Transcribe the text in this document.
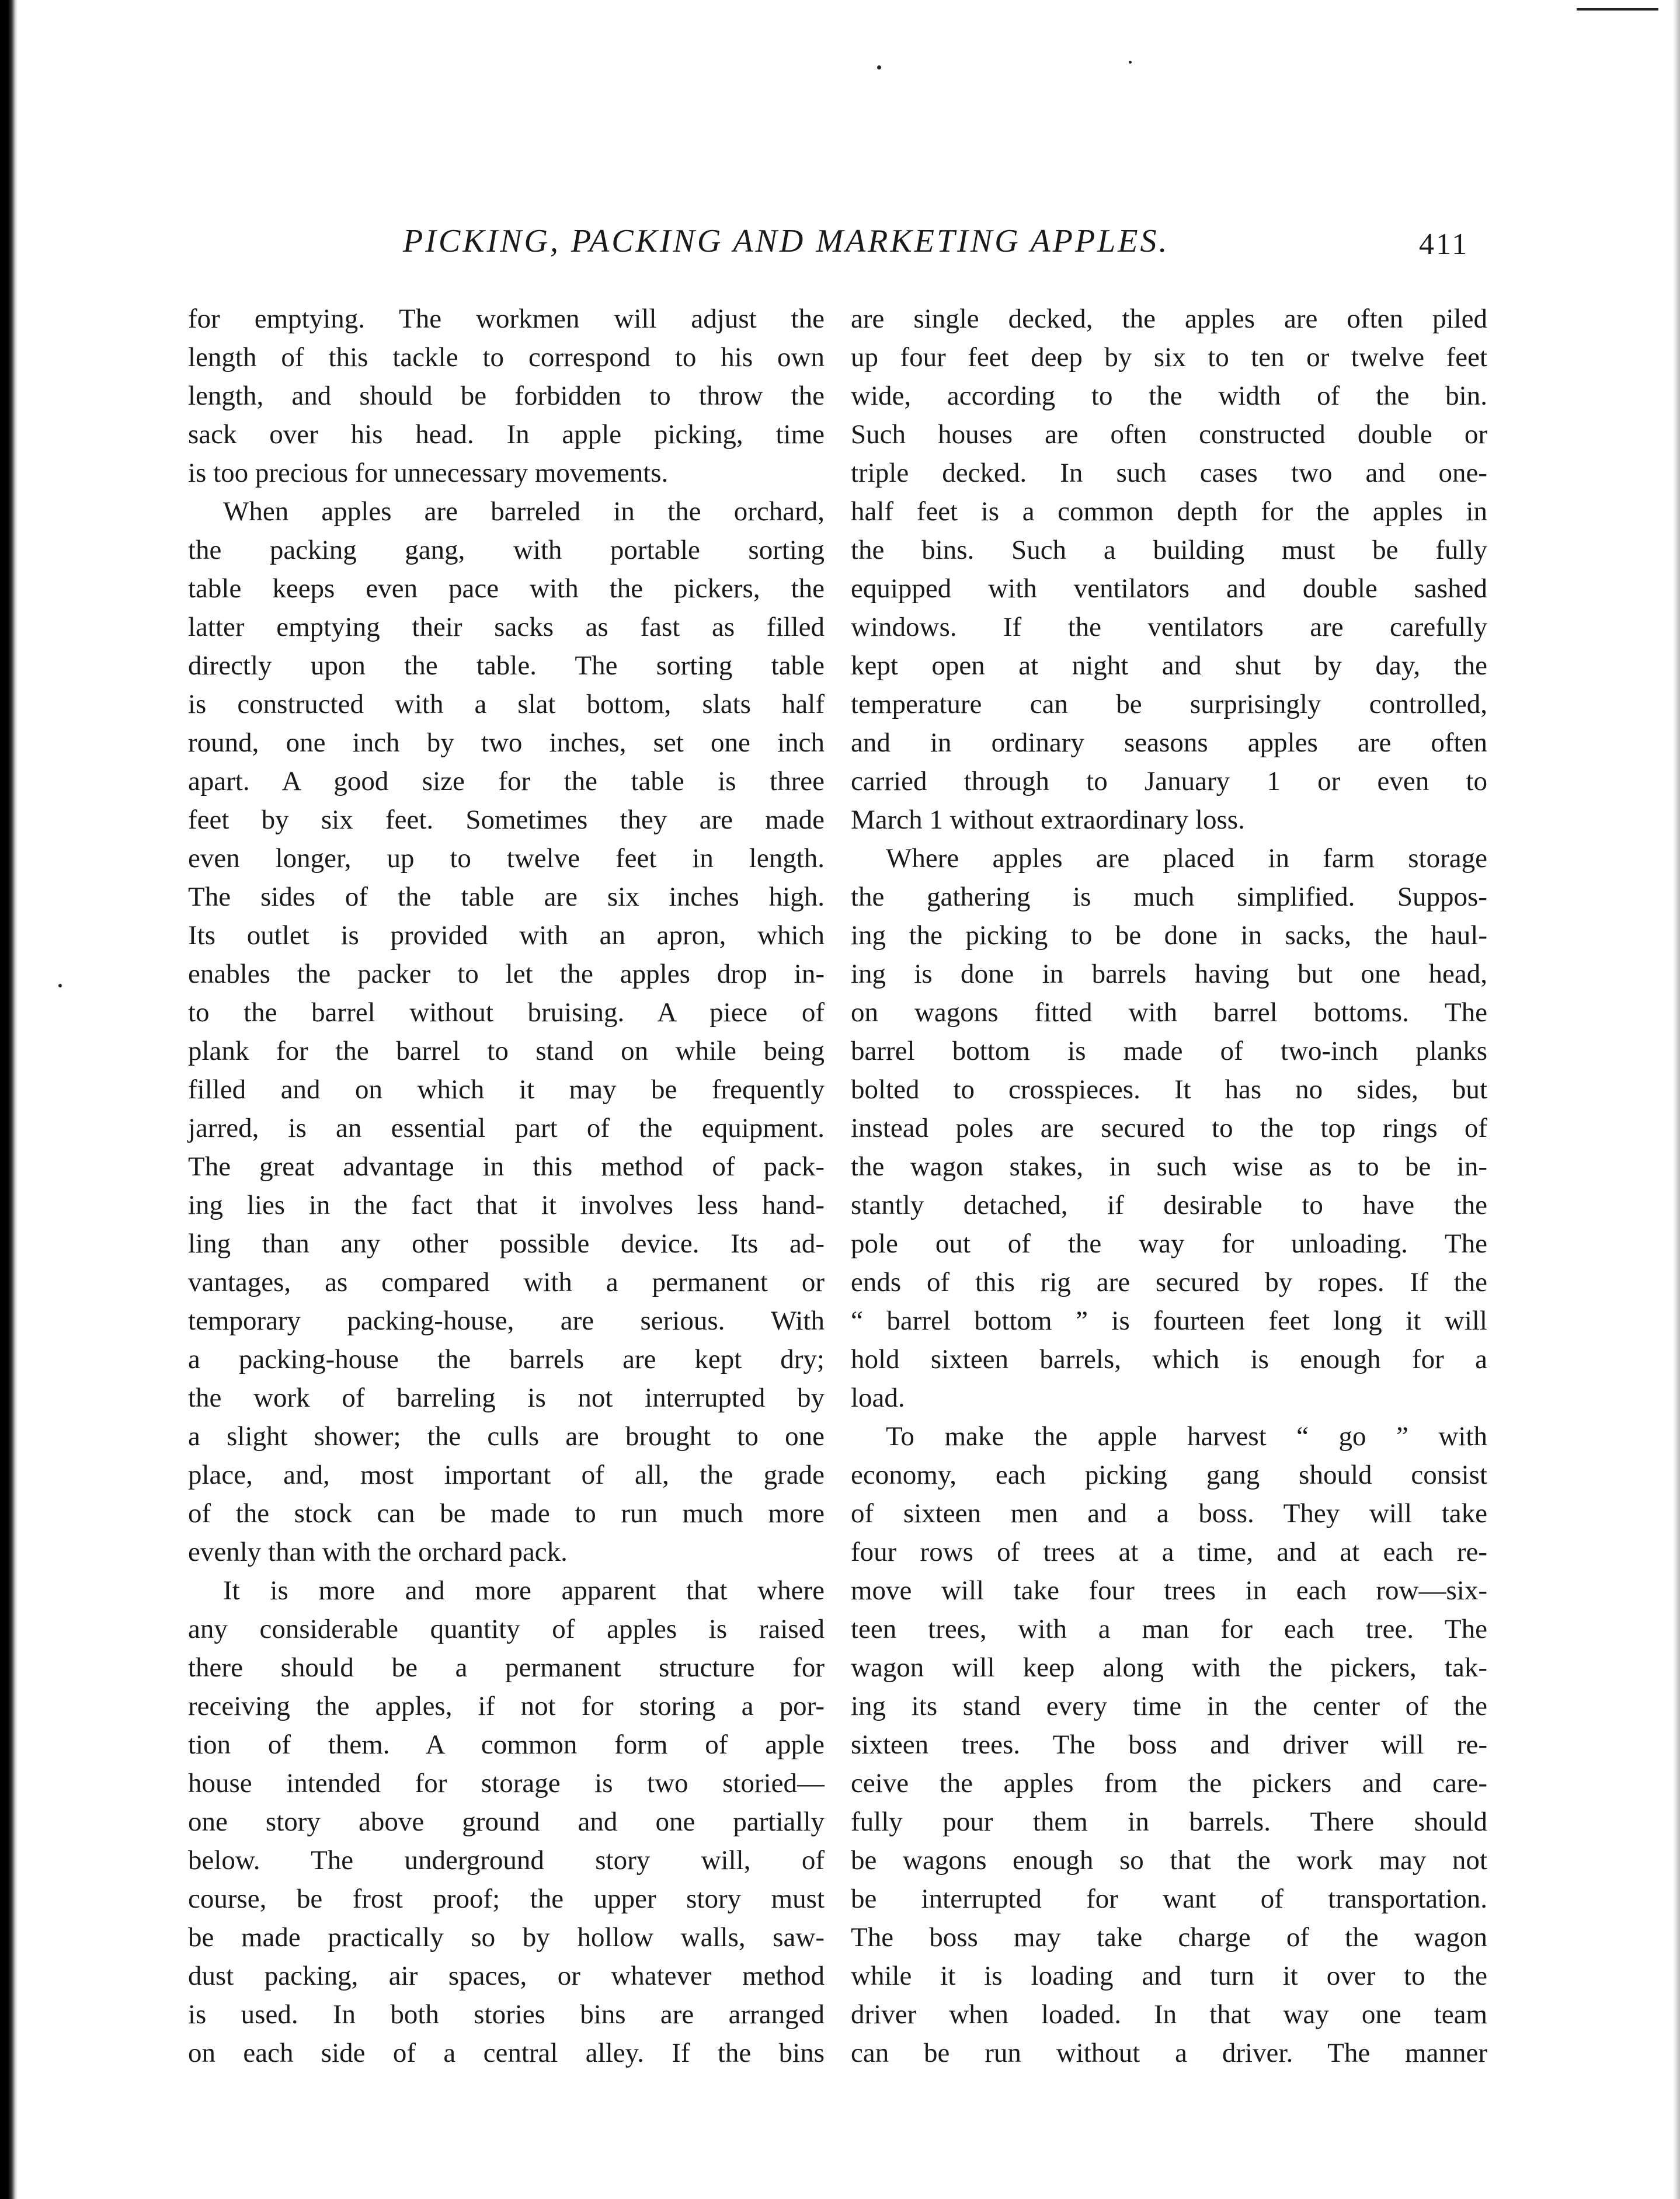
PICKING, PACKING AND MARKETING APPLES.	411
for emptying. The workmen will adjust the
length of this tackle to correspond to his own
length, and should be forbidden to throw the
sack over his head. In apple picking, time
is too precious for unnecessary movements.
When apples are barreled in the orchard,
the packing gang, with portable sorting
table keeps even pace with the pickers, the
latter emptying their sacks as fast as filled
directly upon the table. The sorting table
is constructed with a slat bottom, slats half
round, one inch by two inches, set one inch
apart. A good size for the table is three
feet by six feet. Sometimes they are made
even longer, up to twelve feet in length.
The sides of the table are six inches high.
Its outlet is provided with an apron, which
enables the packer to let the apples drop in-
to the barrel without bruising. A piece of
plank for the barrel to stand on while being
filled and on which it may be frequently
jarred, is an essential part of the equipment.
The great advantage in this method of pack-
ing lies in the fact that it involves less hand-
ling than any other possible device. Its ad-
vantages, as compared with a permanent or
temporary packing-house, are serious. With
a packing-house the barrels are kept dry;
the work of barreling is not interrupted by
a slight shower; the culls are brought to one
place, and, most important of all, the grade
of the stock can be made to run much more
evenly than with the orchard pack.
It is more and more apparent that where
any considerable quantity of apples is raised
there should be a permanent structure for
receiving the apples, if not for storing a por-
tion of them. A common form of apple
house intended for storage is two storied—
one story above ground and one partially
below. The underground story will, of
course, be frost proof; the upper story must
be made practically so by hollow walls, saw-
dust packing, air spaces, or whatever method
is used. In both stories bins are arranged
on each side of a central alley. If the bins
are single decked, the apples are often piled
up four feet deep by six to ten or twelve feet
wide, according to the width of the bin.
Such houses are often constructed double or
triple decked. In such cases two and one-
half feet is a common depth for the apples in
the bins. Such a building must be fully
equipped with ventilators and double sashed
windows. If the ventilators are carefully
kept open at night and shut by day, the
temperature can be surprisingly controlled,
and in ordinary seasons apples are often
carried through to January 1 or even to
March 1 without extraordinary loss.
Where apples are placed in farm storage
the gathering is much simplified. Suppos-
ing the picking to be done in sacks, the haul-
ing is done in barrels having but one head,
on wagons fitted with barrel bottoms. The
barrel bottom is made of two-inch planks
bolted to crosspieces. It has no sides, but
instead poles are secured to the top rings of
the wagon stakes, in such wise as to be in-
stantly detached, if desirable to have the
pole out of the way for unloading. The
ends of this rig are secured by ropes. If the
“ barrel bottom ” is fourteen feet long it will
hold sixteen barrels, which is enough for a
load.
To make the apple harvest “ go ” with
economy, each picking gang should consist
of sixteen men and a boss. They will take
four rows of trees at a time, and at each re-
move will take four trees in each row—six-
teen trees, with a man for each tree. The
wagon will keep along with the pickers, tak-
ing its stand every time in the center of the
sixteen trees. The boss and driver will re-
ceive the apples from the pickers and care-
fully pour them in barrels. There should
be wagons enough so that the work may not
be interrupted for want of transportation.
The boss may take charge of the wagon
while it is loading and turn it over to the
driver when loaded. In that way one team
can be run without a driver. The manner
